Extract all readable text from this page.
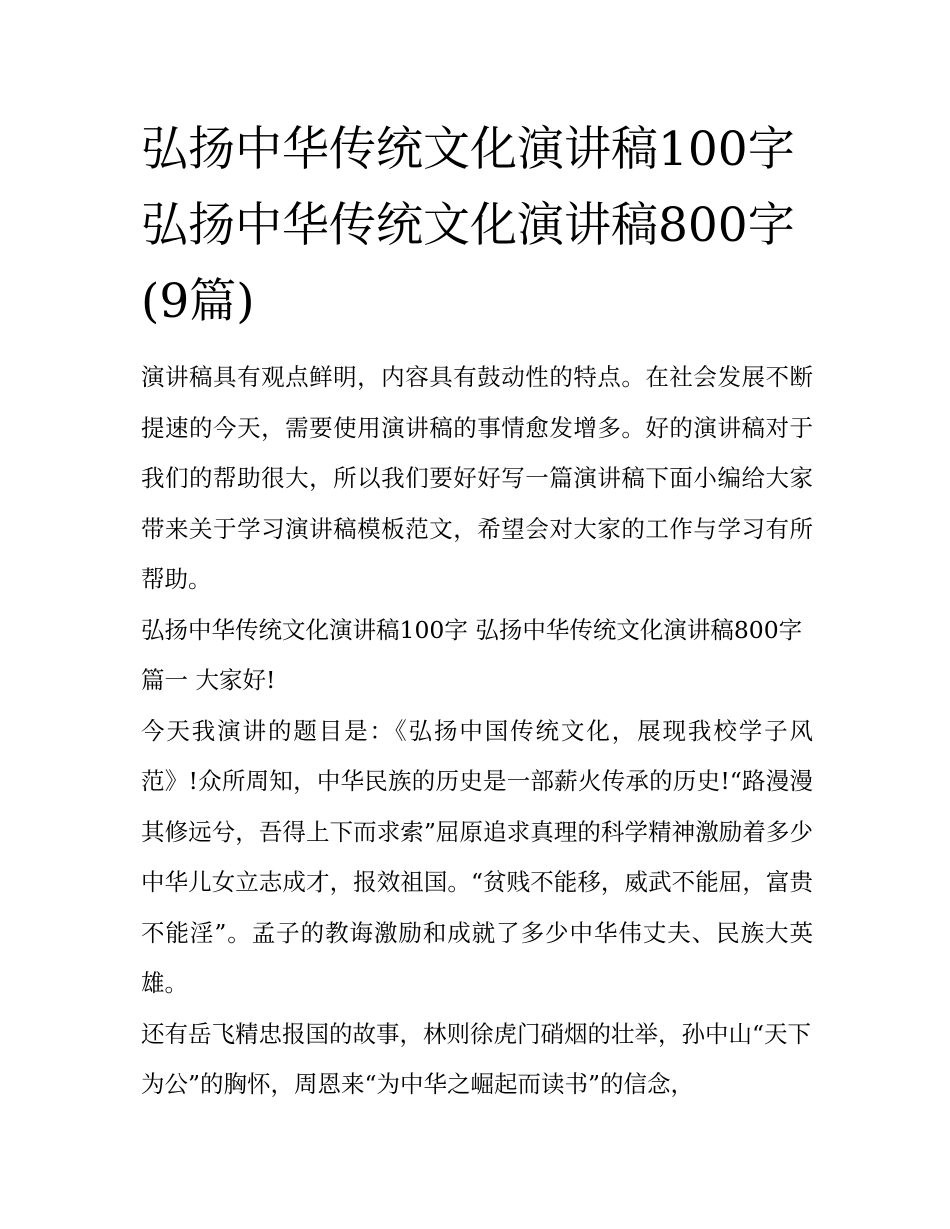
弘扬中华传统文化演讲稿100字 弘扬中华传统文化演讲稿800字(9篇)

演讲稿具有观点鲜明，内容具有鼓动性的特点。在社会发展不断提速的今天，需要使用演讲稿的事情愈发增多。好的演讲稿对于我们的帮助很大，所以我们要好好写一篇演讲稿下面小编给大家带来关于学习演讲稿模板范文，希望会对大家的工作与学习有所帮助。

弘扬中华传统文化演讲稿100字 弘扬中华传统文化演讲稿800字篇一 大家好!

今天我演讲的题目是：《弘扬中国传统文化，展现我校学子风范》!众所周知，中华民族的历史是一部薪火传承的历史!“路漫漫其修远兮，吾得上下而求索”屈原追求真理的科学精神激励着多少中华儿女立志成才，报效祖国。“贫贱不能移，威武不能屈，富贵不能淫”。孟子的教诲激励和成就了多少中华伟丈夫、民族大英雄。

还有岳飞精忠报国的故事，林则徐虎门硝烟的壮举，孙中山“天下为公”的胸怀，周恩来“为中华之崛起而读书”的信念，
